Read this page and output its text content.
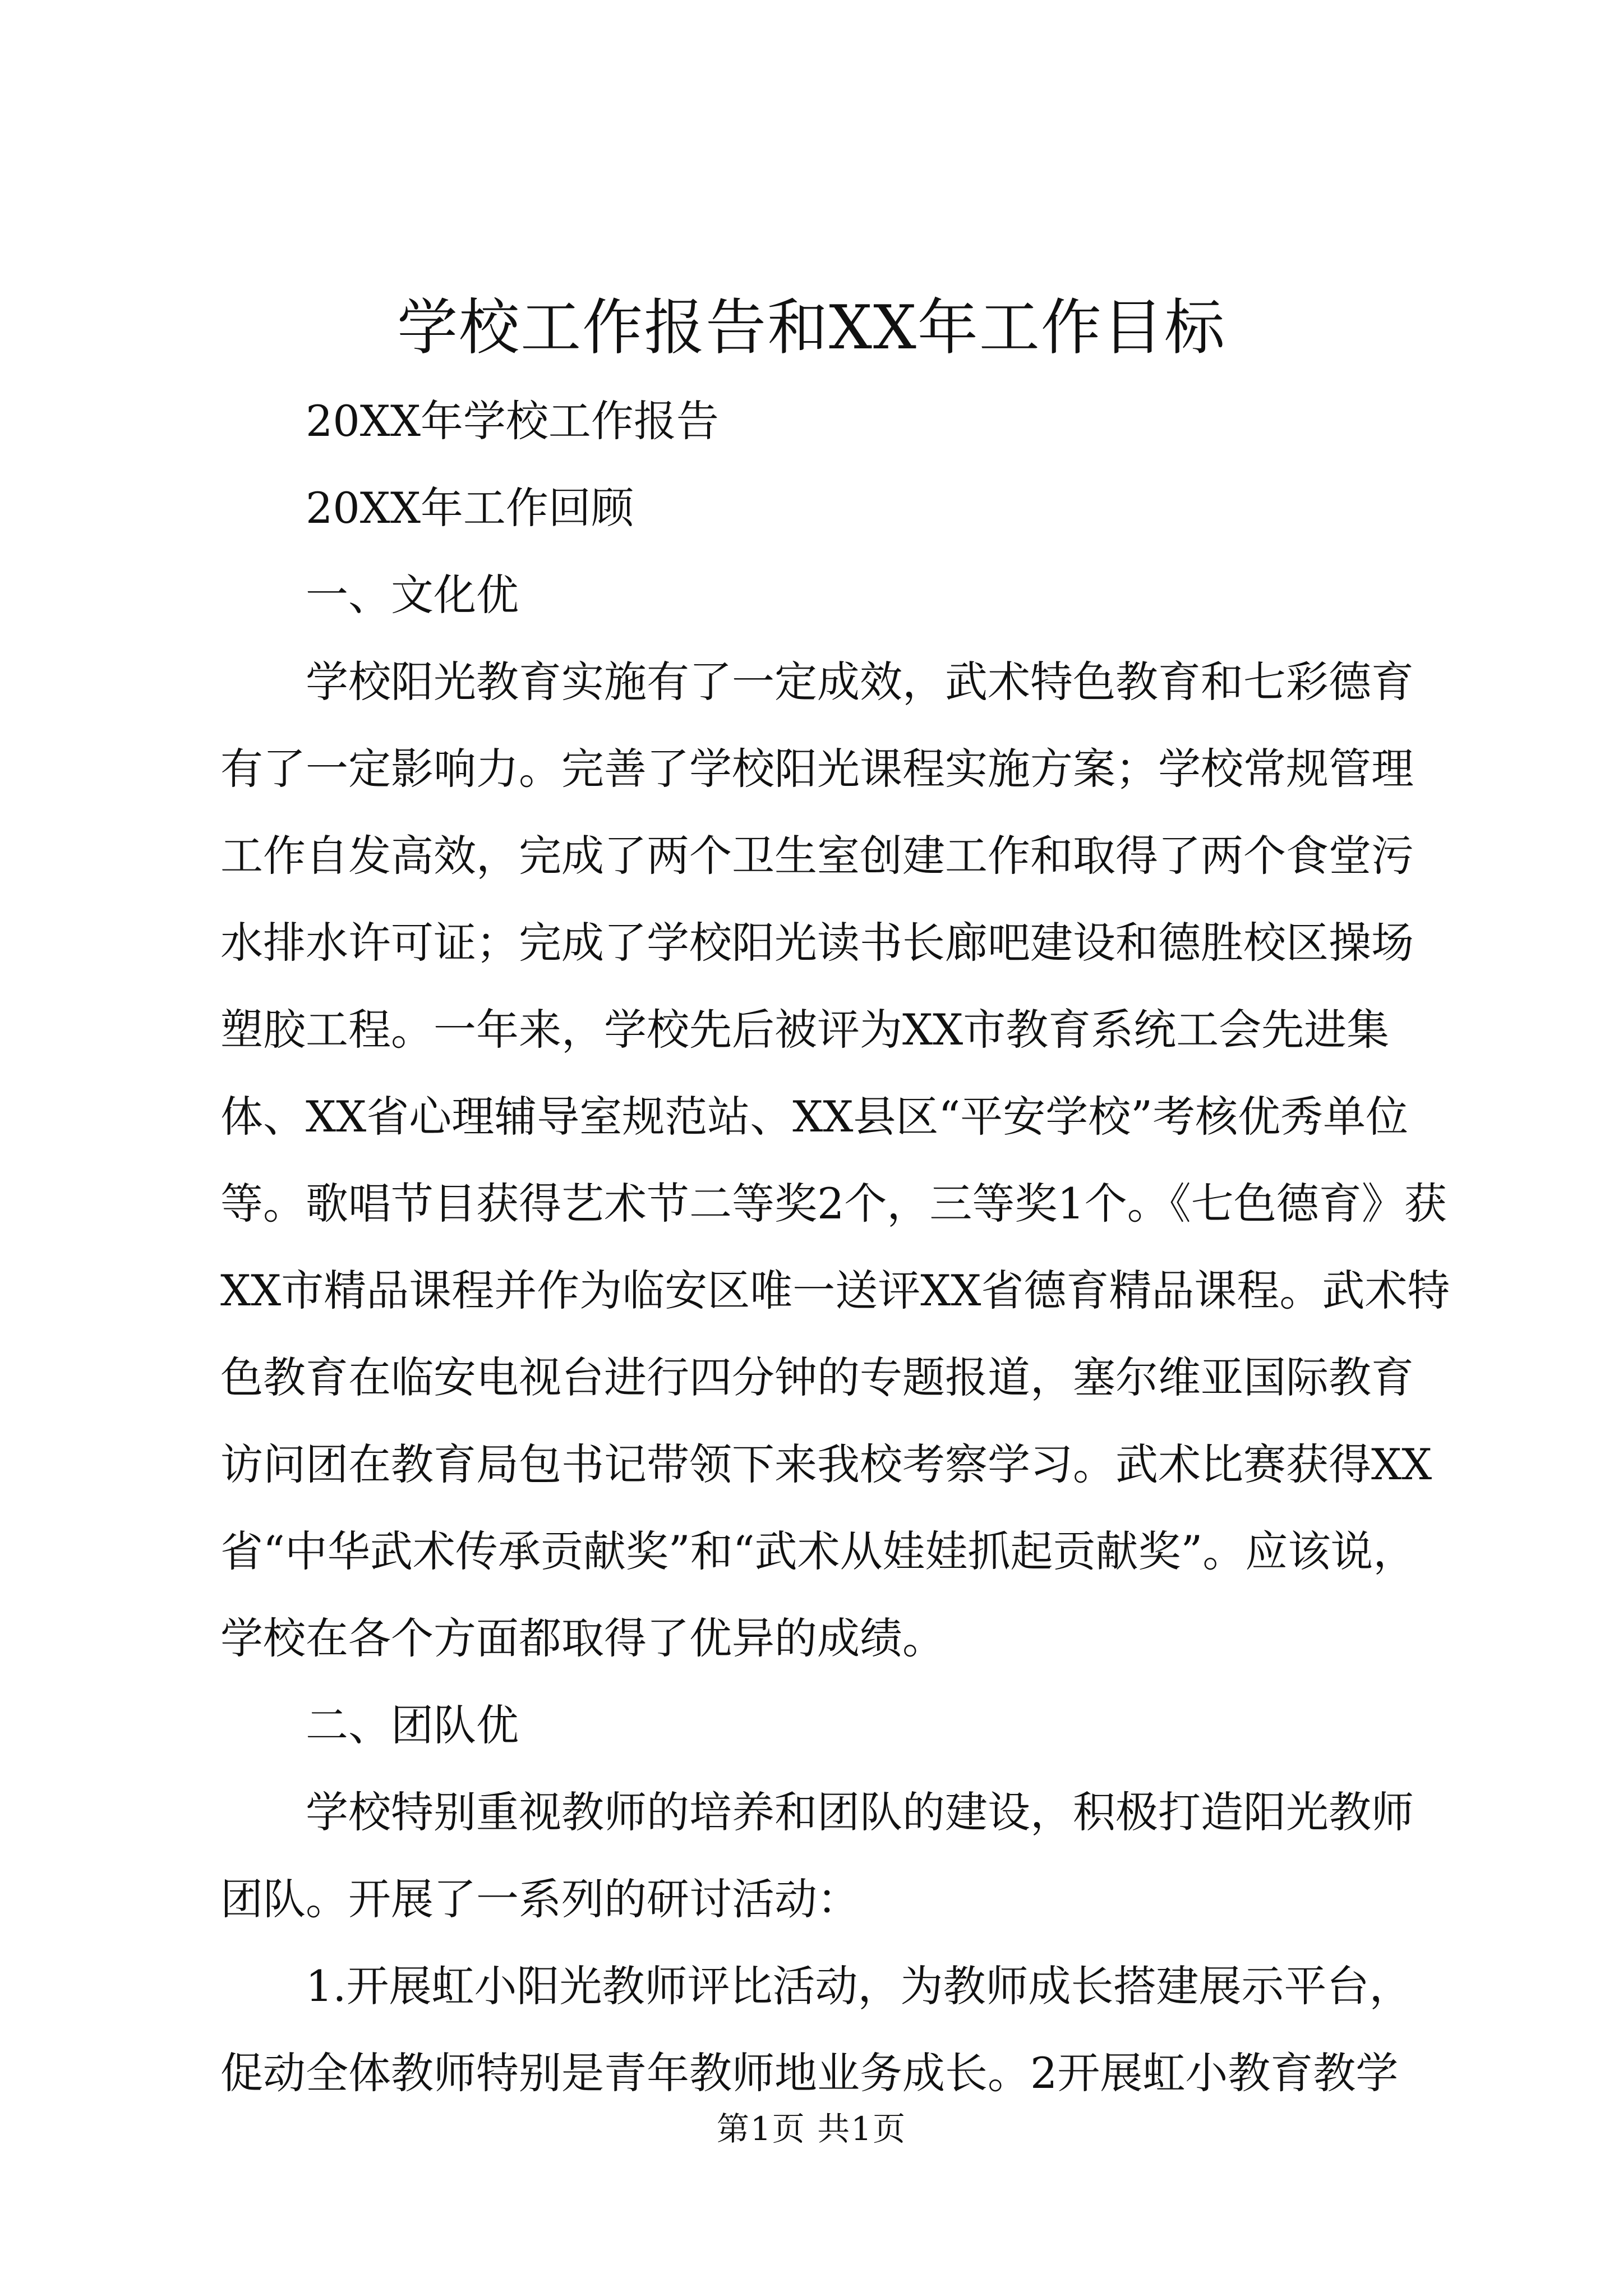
学校工作报告和XX年工作目标

20XX年学校工作报告

20XX年工作回顾

一、文化优

学校阳光教育实施有了一定成效，武术特色教育和七彩德育有了一定影响力。完善了学校阳光课程实施方案；学校常规管理工作自发高效，完成了两个卫生室创建工作和取得了两个食堂污水排水许可证；完成了学校阳光读书长廊吧建设和德胜校区操场塑胶工程。一年来，学校先后被评为XX市教育系统工会先进集体、XX省心理辅导室规范站、XX县区“平安学校”考核优秀单位等。歌唱节目获得艺术节二等奖2个，三等奖1个。《七色德育》获XX市精品课程并作为临安区唯一送评XX省德育精品课程。武术特色教育在临安电视台进行四分钟的专题报道，塞尔维亚国际教育访问团在教育局包书记带领下来我校考察学习。武术比赛获得XX省“中华武术传承贡献奖”和“武术从娃娃抓起贡献奖”。应该说，学校在各个方面都取得了优异的成绩。

二、团队优

学校特别重视教师的培养和团队的建设，积极打造阳光教师团队。开展了一系列的研讨活动：

1.开展虹小阳光教师评比活动，为教师成长搭建展示平台，促动全体教师特别是青年教师地业务成长。2开展虹小教育教学

第1页 共1页
